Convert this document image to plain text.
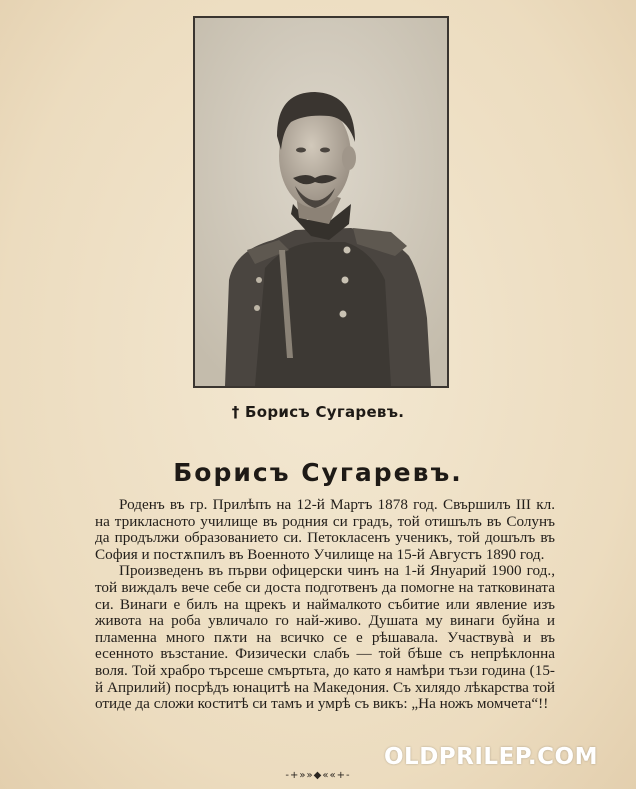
† Борисъ Сугаревъ.
Борисъ Сугаревъ.

Роденъ въ гр. Прилѣпъ на 12-й Мартъ 1878 год. Свършилъ III кл. на трикласното училище въ родния си градъ, той отишълъ въ Солунъ да продължи образованието си. Петокласенъ ученикъ, той дошълъ въ София и постѫпилъ въ Военното Училище на 15-й Августъ 1890 год.

Произведенъ въ първи офицерски чинъ на 1-й Януарий 1900 год., той виждалъ вече себе си доста подготвенъ да помогне на татковината си. Винаги е билъ на щрекъ и наймалкото събитие или явление изъ живота на роба увличало го най-живо. Душата му винаги буйна и пламенна много пѫти на всичко се е рѣшавала. Участвувà и въ есенното възстание. Физически слабъ — той бѣше съ непрѣклонна воля. Той храбро търсеше смъртьта, до като я намѣри тъзи година (15-й Априлий) посрѣдъ юнацитѣ на Македония. Съ хилядо лѣкарства той отиде да сложи коститѣ си тамъ и умрѣ съ викъ: „На ножъ момчета“!!

-+»»◆««+-
OLDPRILEP.COM
